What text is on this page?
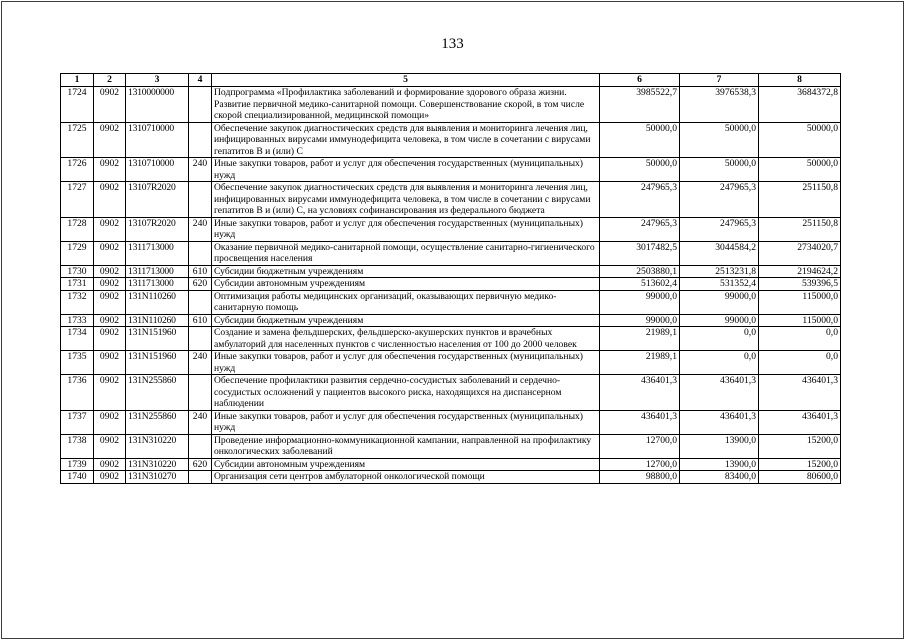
133
1	2	3	4	5	6	7	8
1724	0902	1310000000		Подпрограмма «Профилактика заболеваний и формирование здорового образа жизни. Развитие первичной медико-санитарной помощи. Совершенствование скорой, в том числе скорой специализированной, медицинской помощи»	3985522,7	3976538,3	3684372,8
1725	0902	1310710000		Обеспечение закупок диагностических средств для выявления и мониторинга лечения лиц, инфицированных вирусами иммунодефицита человека, в том числе в сочетании с вирусами гепатитов B и (или) C	50000,0	50000,0	50000,0
1726	0902	1310710000	240	Иные закупки товаров, работ и услуг для обеспечения государственных (муниципальных) нужд	50000,0	50000,0	50000,0
1727	0902	13107R2020		Обеспечение закупок диагностических средств для выявления и мониторинга лечения лиц, инфицированных вирусами иммунодефицита человека, в том числе в сочетании с вирусами гепатитов B и (или) C, на условиях софинансирования из федерального бюджета	247965,3	247965,3	251150,8
1728	0902	13107R2020	240	Иные закупки товаров, работ и услуг для обеспечения государственных (муниципальных) нужд	247965,3	247965,3	251150,8
1729	0902	1311713000		Оказание первичной медико-санитарной помощи, осуществление санитарно-гигиенического просвещения населения	3017482,5	3044584,2	2734020,7
1730	0902	1311713000	610	Субсидии бюджетным учреждениям	2503880,1	2513231,8	2194624,2
1731	0902	1311713000	620	Субсидии автономным учреждениям	513602,4	531352,4	539396,5
1732	0902	131N110260		Оптимизация работы медицинских организаций, оказывающих первичную медико-санитарную помощь	99000,0	99000,0	115000,0
1733	0902	131N110260	610	Субсидии бюджетным учреждениям	99000,0	99000,0	115000,0
1734	0902	131N151960		Создание и замена фельдшерских, фельдшерско-акушерских пунктов и врачебных амбулаторий для населенных пунктов с численностью населения от 100 до 2000 человек	21989,1	0,0	0,0
1735	0902	131N151960	240	Иные закупки товаров, работ и услуг для обеспечения государственных (муниципальных) нужд	21989,1	0,0	0,0
1736	0902	131N255860		Обеспечение профилактики развития сердечно-сосудистых заболеваний и сердечно-сосудистых осложнений у пациентов высокого риска, находящихся на диспансерном наблюдении	436401,3	436401,3	436401,3
1737	0902	131N255860	240	Иные закупки товаров, работ и услуг для обеспечения государственных (муниципальных) нужд	436401,3	436401,3	436401,3
1738	0902	131N310220		Проведение информационно-коммуникационной кампании, направленной на профилактику онкологических заболеваний	12700,0	13900,0	15200,0
1739	0902	131N310220	620	Субсидии автономным учреждениям	12700,0	13900,0	15200,0
1740	0902	131N310270		Организация сети центров амбулаторной онкологической помощи	98800,0	83400,0	80600,0
